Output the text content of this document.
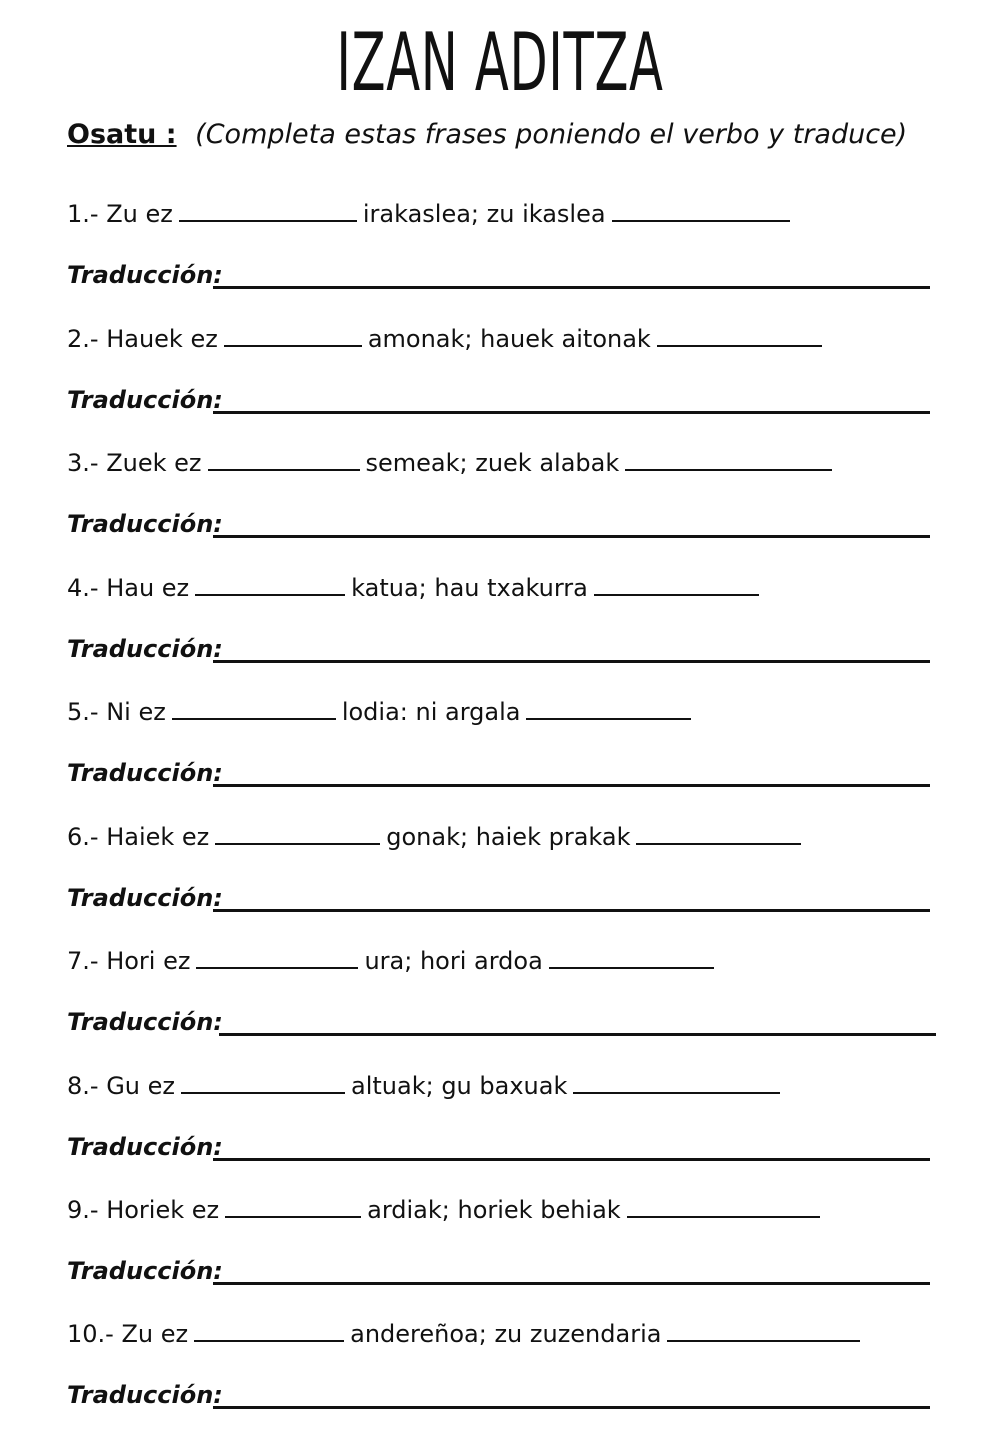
IZAN ADITZA
Osatu : (Completa estas frases poniendo el verbo y traduce)
1.- Zu ez	irakaslea; zu ikaslea
Traducción:
2.- Hauek ez	amonak; hauek aitonak
Traducción:
3.- Zuek ez	semeak; zuek alabak
Traducción:
4.- Hau ez	katua; hau txakurra
Traducción:
5.- Ni ez	lodia: ni argala
Traducción:
6.- Haiek ez	gonak; haiek prakak
Traducción:
7.- Hori ez	ura; hori ardoa
Traducción:
8.- Gu ez	altuak; gu baxuak
Traducción:
9.- Horiek ez	ardiak; horiek behiak
Traducción:
10.- Zu ez	andereñoa; zu zuzendaria
Traducción:
